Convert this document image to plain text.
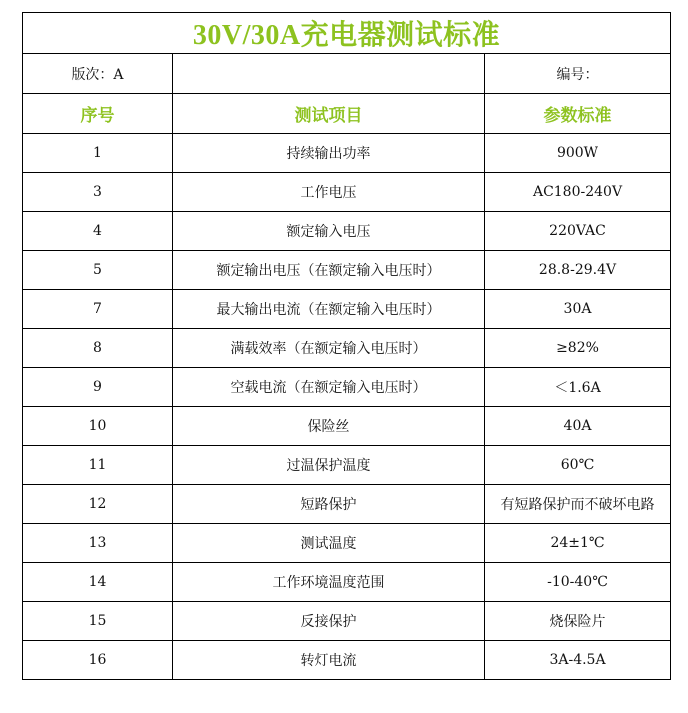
30V/30A充电器测试标准		
版次：A		编号：
序号	测试项目	参数标准
1	持续输出功率	900W
3	工作电压	AC180-240V
4	额定输入电压	220VAC
5	额定输出电压（在额定输入电压时）	28.8-29.4V
7	最大输出电流（在额定输入电压时）	30A
8	满载效率（在额定输入电压时）	≥82%
9	空载电流（在额定输入电压时）	＜1.6A
10	保险丝	40A
11	过温保护温度	60℃
12	短路保护	有短路保护而不破坏电路
13	测试温度	24±1℃
14	工作环境温度范围	-10-40℃
15	反接保护	烧保险片
16	转灯电流	3A-4.5A
